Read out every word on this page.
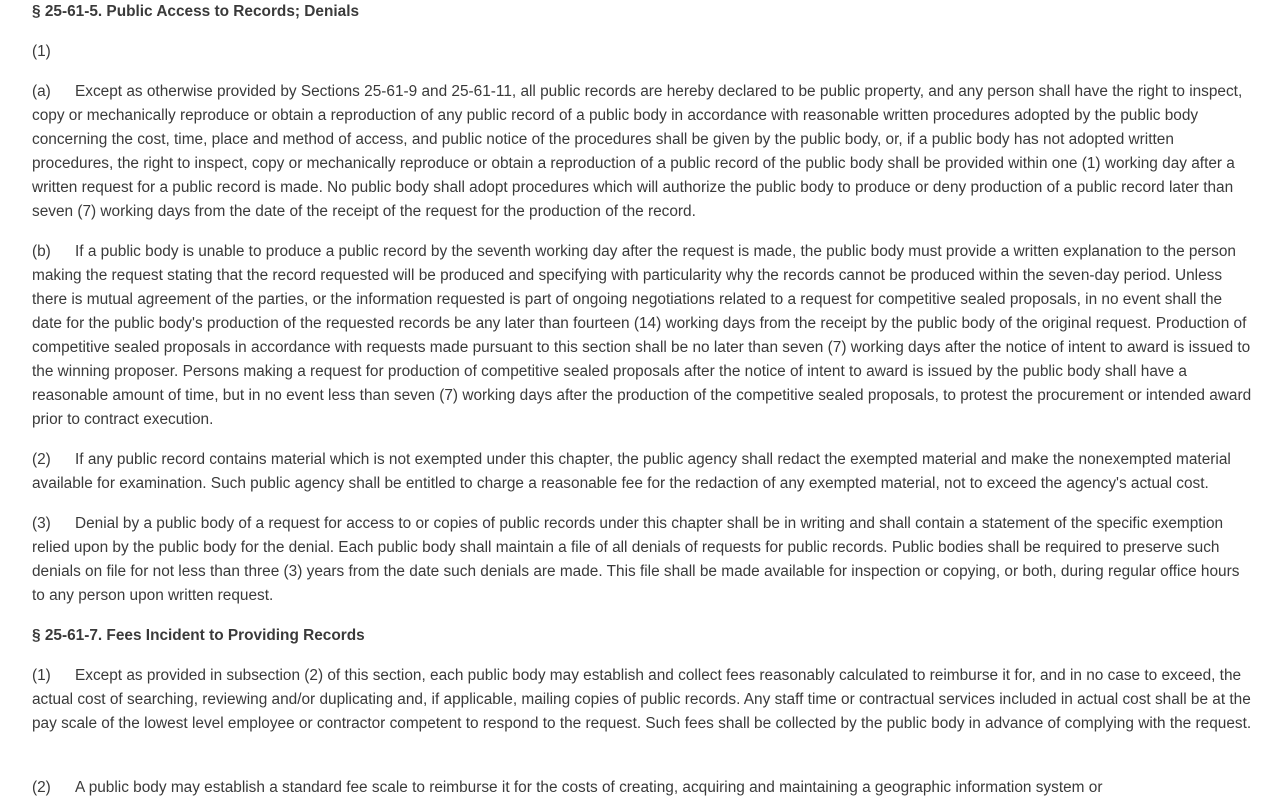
§ 25-61-5. Public Access to Records; Denials

(1)

(a) Except as otherwise provided by Sections 25-61-9 and 25-61-11, all public records are hereby declared to be public property, and any person shall have the right to inspect, copy or mechanically reproduce or obtain a reproduction of any public record of a public body in accordance with reasonable written procedures adopted by the public body concerning the cost, time, place and method of access, and public notice of the procedures shall be given by the public body, or, if a public body has not adopted written procedures, the right to inspect, copy or mechanically reproduce or obtain a reproduction of a public record of the public body shall be provided within one (1) working day after a written request for a public record is made. No public body shall adopt procedures which will authorize the public body to produce or deny production of a public record later than seven (7) working days from the date of the receipt of the request for the production of the record.

(b) If a public body is unable to produce a public record by the seventh working day after the request is made, the public body must provide a written explanation to the person making the request stating that the record requested will be produced and specifying with particularity why the records cannot be produced within the seven-day period. Unless there is mutual agreement of the parties, or the information requested is part of ongoing negotiations related to a request for competitive sealed proposals, in no event shall the date for the public body's production of the requested records be any later than fourteen (14) working days from the receipt by the public body of the original request. Production of competitive sealed proposals in accordance with requests made pursuant to this section shall be no later than seven (7) working days after the notice of intent to award is issued to the winning proposer. Persons making a request for production of competitive sealed proposals after the notice of intent to award is issued by the public body shall have a reasonable amount of time, but in no event less than seven (7) working days after the production of the competitive sealed proposals, to protest the procurement or intended award prior to contract execution.

(2) If any public record contains material which is not exempted under this chapter, the public agency shall redact the exempted material and make the nonexempted material available for examination. Such public agency shall be entitled to charge a reasonable fee for the redaction of any exempted material, not to exceed the agency's actual cost.

(3) Denial by a public body of a request for access to or copies of public records under this chapter shall be in writing and shall contain a statement of the specific exemption relied upon by the public body for the denial. Each public body shall maintain a file of all denials of requests for public records. Public bodies shall be required to preserve such denials on file for not less than three (3) years from the date such denials are made. This file shall be made available for inspection or copying, or both, during regular office hours to any person upon written request.

§ 25-61-7. Fees Incident to Providing Records

(1) Except as provided in subsection (2) of this section, each public body may establish and collect fees reasonably calculated to reimburse it for, and in no case to exceed, the actual cost of searching, reviewing and/or duplicating and, if applicable, mailing copies of public records. Any staff time or contractual services included in actual cost shall be at the pay scale of the lowest level employee or contractor competent to respond to the request. Such fees shall be collected by the public body in advance of complying with the request.

(2) A public body may establish a standard fee scale to reimburse it for the costs of creating, acquiring and maintaining a geographic information system or
